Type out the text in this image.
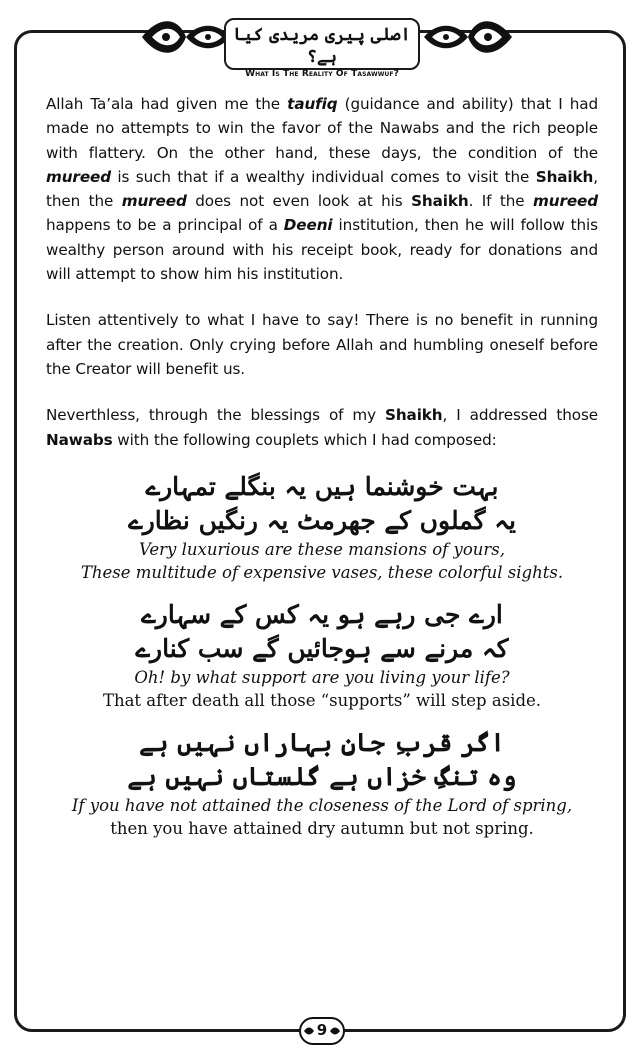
اصلی پیری مریدی کیا ہے؟
What Is The Reality Of Tasawwuf?

Allah Ta’ala had given me the taufiq (guidance and ability) that I had made no attempts to win the favor of the Nawabs and the rich people with flattery. On the other hand, these days, the condition of the mureed is such that if a wealthy individual comes to visit the Shaikh, then the mureed does not even look at his Shaikh. If the mureed happens to be a principal of a Deeni institution, then he will follow this wealthy person around with his receipt book, ready for donations and will attempt to show him his institution.

Listen attentively to what I have to say! There is no benefit in running after the creation. Only crying before Allah and humbling oneself before the Creator will benefit us.

Neverthless, through the blessings of my Shaikh, I addressed those Nawabs with the following couplets which I had composed:

بہت خوشنما ہیں یہ بنگلے تمہارے
یہ گملوں کے جھرمٹ یہ رنگیں نظارے
Very luxurious are these mansions of yours,
These multitude of expensive vases, these colorful sights.
ارے جی رہے ہو یہ کس کے سہارے
کہ مرنے سے ہوجائیں گے سب کنارے
Oh! by what support are you living your life?
That after death all those “supports” will step aside.
اگر قربِ جانِ بہاراں نہیں ہے
وہ تنگِ خزاں ہے گلستاں نہیں ہے
If you have not attained the closeness of the Lord of spring,
then you have attained dry autumn but not spring.
9
